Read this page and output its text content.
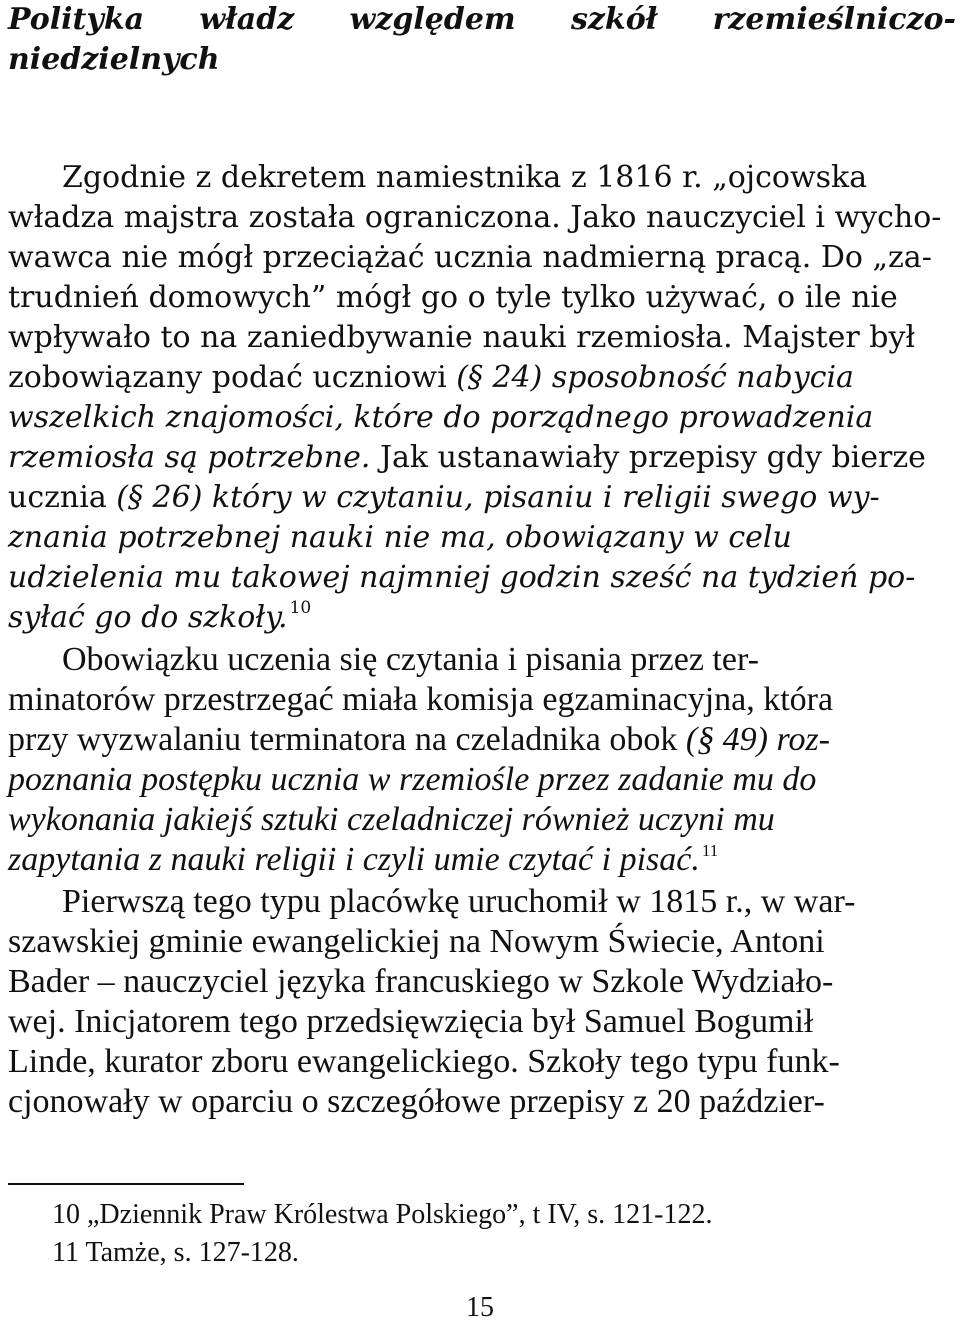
Polityka władz względem szkół rzemieślniczo-niedzielnych
Zgodnie z dekretem namiestnika z 1816 r. „ojcowska
władza majstra została ograniczona. Jako nauczyciel i wycho-
wawca nie mógł przeciążać ucznia nadmierną pracą. Do „za-
trudnień domowych” mógł go o tyle tylko używać, o ile nie
wpływało to na zaniedbywanie nauki rzemiosła. Majster był
zobowiązany podać uczniowi (§ 24) sposobność nabycia
wszelkich znajomości, które do porządnego prowadzenia
rzemiosła są potrzebne. Jak ustanawiały przepisy gdy bierze
ucznia (§ 26) który w czytaniu, pisaniu i religii swego wy-
znania potrzebnej nauki nie ma, obowiązany w celu
udzielenia mu takowej najmniej godzin sześć na tydzień po-
syłać go do szkoły. $^{10}$
Obowiązku uczenia się czytania i pisania przez ter-
minatorów przestrzegać miała komisja egzaminacyjna, która
przy wyzwalaniu terminatora na czeladnika obok (§ 49) roz-
poznania postępku ucznia w rzemiośle przez zadanie mu do
wykonania jakiejś sztuki czeladniczej również uczyni mu
zapytania z nauki religii i czyli umie czytać i pisać. $^{11}$
Pierwszą tego typu placówkę uruchomił w 1815 r., w war-
szawskiej gminie ewangelickiej na Nowym Świecie, Antoni
Bader – nauczyciel języka francuskiego w Szkole Wydziało-
wej. Inicjatorem tego przedsięwzięcia był Samuel Bogumił
Linde, kurator zboru ewangelickiego. Szkoły tego typu funk-
cjonowały w oparciu o szczegółowe przepisy z 20 paździer-
10 „Dziennik Praw Królestwa Polskiego”, t IV, s. 121-122.
11 Tamże, s. 127-128.
15
